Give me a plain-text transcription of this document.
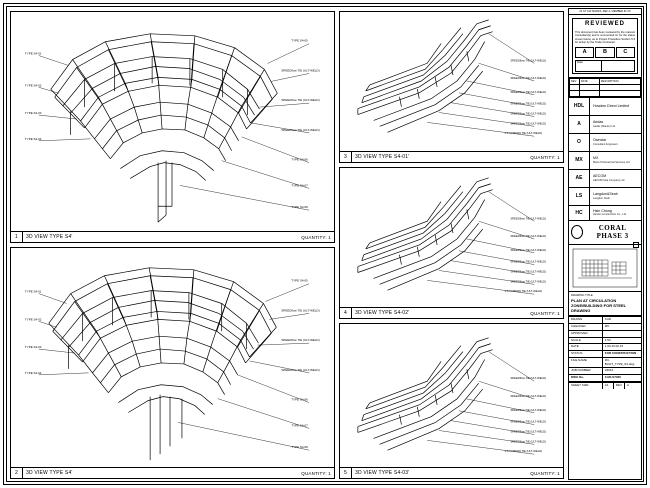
TYPE S4-01
TYPE S4-02
TYPE S4-03
TYPE S4-04
TYPE S4-05
SPEEDflow TIE (ULT-WELD)
SPEEDflow TIE (ULT-WELD)
SPEEDflow TIE (ULT-WELD)
TYPE S4-06
TYPE S4-07
TYPE S4-08
1	3D VIEW TYPE S4'	QUANTITY: 1
TYPE S4-01
TYPE S4-02
TYPE S4-03
TYPE S4-04
TYPE S4-05
SPEEDflow TIE (ULT-WELD)
SPEEDflow TIE (ULT-WELD)
SPEEDflow TIE (ULT-WELD)
TYPE S4-06
TYPE S4-07
TYPE S4-08
2	3D VIEW TYPE S4'	QUANTITY: 1
SPEEDflow TIE (ULT-WELD)
SPEEDflow TIE (ULT-WELD)
SPEEDflow TIE (ULT-WELD)
SPEEDflow TIE (ULT-WELD)
SPEEDflow TIE (ULT-WELD)
SPEEDflow TIE (ULT-WELD)
1 A TYPE900 TIE (ULT-WELD)
3	3D VIEW TYPE S4-01'	QUANTITY: 1
SPEEDflow TIE (ULT-WELD)
SPEEDflow TIE (ULT-WELD)
SPEEDflow TIE (ULT-WELD)
SPEEDflow TIE (ULT-WELD)
SPEEDflow TIE (ULT-WELD)
SPEEDflow TIE (ULT-WELD)
1 A TYPE900 TIE (ULT-WELD)
4	3D VIEW TYPE S4-02'	QUANTITY: 1
SPEEDflow TIE (ULT-WELD)
SPEEDflow TIE (ULT-WELD)
SPEEDflow TIE (ULT-WELD)
SPEEDflow TIE (ULT-WELD)
SPEEDflow TIE (ULT-WELD)
SPEEDflow TIE (ULT-WELD)
1 A TYPE900 TIE (ULT-WELD)
5	3D VIEW TYPE S4-03'	QUANTITY: 1
01 ST 012 MARKS, REF A, MEMBER ID XX
REVIEWED
This document has been reviewed by the relevant Consultant(s) and is commented on for the status shown below, as to Project Procedure Section 5.4 for action by the Trade Contractor.
A	B	C
Date
REV	DATE	DESCRIPTION

HDL	Howden Direct Limited
A	Aedas
Aedas (Macao) Ltd.
O	Ownstar
Consultant Engineers
MX	MX
Maria Professional Services Ltd.
AE	AECOM
AECOM Asia Company Ltd.
LS	Langdon&Seah
Langdon Seah
HC	Hsin Chong
Hsinko Construction Co., Ltd.
CORAL PHASE 3
DRAWING TITLE
PLAN AT CIRCULATION ZONE/BUILDING FOR STEEL DRAWING
DRAWN	CAD
CHECKED	MK
APPROVED

SCALE	1:50
DATE	1.09.16.02.15
STATUS	FOR CONSTRUCTION
FILE NAME	3D-BUILT_TYPE_S4.dwg
JOB NUMBER	03044
DWG No.	CAD-S7000
SHEET SIZE	A1	REV	A
